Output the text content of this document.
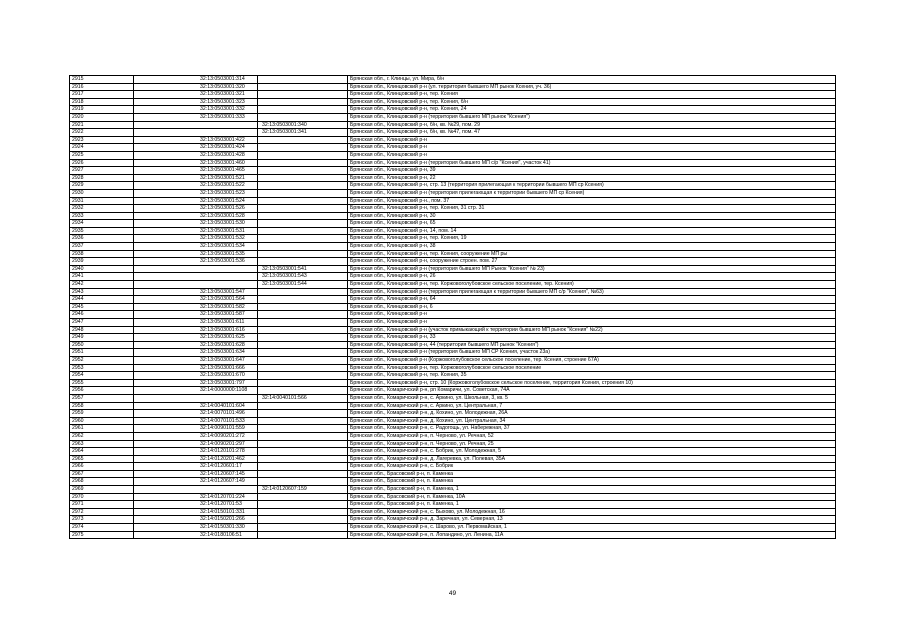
2915	32:13:0503001:314		Брянская обл., г. Клинцы, ул. Мира, б/н
2916	32:13:0503001:320		Брянская обл., Клинцовский р-н (ул. территория бывшего МП рынок Ксения, уч. 36)
2917	32:13:0503001:321		Брянская обл., Клинцовский р-н, тер. Ксения
2918	32:13:0503001:323		Брянская обл., Клинцовский р-н, тер. Ксения, б/н
2919	32:13:0503001:332		Брянская обл., Клинцовский р-н, тер. Ксения, 24
2920	32:13:0503001:333		Брянская обл., Клинцовский р-н (территория бывшего МП рынок "Ксения")
2921		32:13:0503001:340	Брянская обл., Клинцовский р-н, б/н, кв. №29, пом. 29
2922		32:13:0503001:341	Брянская обл., Клинцовский р-н, б/н, кв. №47, пом. 47
2923	32:13:0503001:422		Брянская обл., Клинцовский р-н
2924	32:13:0503001:424		Брянская обл., Клинцовский р-н
2925	32:13:0503001:428		Брянская обл., Клинцовский р-н
2926	32:13:0503001:460		Брянская обл., Клинцовский р-н (территория бывшего МП с/р "Ксения", участок 41)
2927	32:13:0503001:465		Брянская обл., Клинцовский р-н, 39
2928	32:13:0503001:521		Брянская обл., Клинцовский р-н, 22
2929	32:13:0503001:522		Брянская обл., Клинцовский р-н, стр. 13 (территория прилегающая к территории бывшего МП ср Ксения)
2930	32:13:0503001:523		Брянская обл., Клинцовский р-н (территория прилегающая к территории бывшего МП ср Ксения)
2931	32:13:0503001:524		Брянская обл., Клинцовский р-н., пом. 37
2932	32:13:0503001:526		Брянская обл., Клинцовский р-н, тер. Ксения, 31 стр. 31
2933	32:13:0503001:528		Брянская обл., Клинцовский р-н, 30
2934	32:13:0503001:530		Брянская обл., Клинцовский р-н, 65
2935	32:13:0503001:531		Брянская обл., Клинцовский р-н, 14, пом. 14
2936	32:13:0503001:532		Брянская обл., Клинцовский р-н, тер. Ксения, 19
2937	32:13:0503001:534		Брянская обл., Клинцовский р-н, 38
2938	32:13:0503001:535		Брянская обл., Клинцовский р-н, тер. Ксения, сооружение МП ры
2939	32:13:0503001:536		Брянская обл., Клинцовский р-н, сооружение строен. пом. 27
2940		32:13:0503001:541	Брянская обл., Клинцовский р-н (территория бывшего МП Рынок "Ксения" № 23)
2941		32:13:0503001:543	Брянская обл., Клинцовский р-н, 26
2942		32:13:0503001:544	Брянская обл., Клинцовский р-н, тер. Коржовоголубовское сельское поселение, тер. Ксения)
2943	32:13:0503001:547		Брянская обл., Клинцовский р-н (территория прилегающая к территории бывшего МП с/р "Ксения", №63)
2944	32:13:0503001:564		Брянская обл., Клинцовский р-н, 64
2945	32:13:0503001:582		Брянская обл., Клинцовский р-н, 6
2946	32:13:0503001:587		Брянская обл., Клинцовский р-н
2947	32:13:0503001:611		Брянская обл., Клинцовский р-н
2948	32:13:0503001:616		Брянская обл., Клинцовский р-н (участок примыкающий к территории бывшего МП рынок "Ксения" №22)
2949	32:13:0503001:625		Брянская обл., Клинцовский р-н, 33
2950	32:13:0503001:628		Брянская обл., Клинцовский р-н, 44 (территория бывшего МП рынок "Ксения")
2951	32:13:0503001:634		Брянская обл., Клинцовский р-н (территория бывшего МП СР Ксения, участок 23а)
2952	32:13:0503001:647		Брянская обл., Клинцовский р-н (Коржовоголубовское сельское поселение, тер. Ксения, строение 67А)
2953	32:13:0503001:666		Брянская обл., Клинцовский р-н, тер. Коржовоголубовское сельское поселение
2954	32:13:0503001:670		Брянская обл., Клинцовский р-н, тер. Ксения, 35
2955	32:13:0503001:797		Брянская обл., Клинцовский р-н, стр. 10 (Коржовоголубовское сельское поселение, территория Ксения, строения 10)
2956	32:14:0000000:1108		Брянская обл., Комаричский р-н, рп Комаричи, ул. Советская, 74А
2957		32:14:0040101:566	Брянская обл., Комаричский р-н, с. Аркино, ул. Школьная, 3, кв. 5
2958	32:14:0040101:604		Брянская обл., Комаричский р-н, с. Аркино, ул. Центральная, 7
2959	32:14:0070101:496		Брянская обл., Комаричский р-н, д. Кохино, ул. Молодежная, 26А
2960	32:14:0070101:533		Брянская обл., Комаричский р-н, д. Кохино, ул. Центральная, 34
2961	32:14:0090101:559		Брянская обл., Комаричский р-н, с. Радогощь, ул. Набережная, 37
2962	32:14:0090201:272		Брянская обл., Комаричский р-н, п. Черново, ул. Речная, 52
2963	32:14:0090201:297		Брянская обл., Комаричский р-н, п. Черново, ул. Речная, 25
2964	32:14:0120101:278		Брянская обл., Комаричский р-н, с. Бобрик, ул. Молодежная, 5
2965	32:14:0120201:462		Брянская обл., Комаричский р-н, д. Лагеревка, ул. Полевая, 35А
2966	32:14:0120601:17		Брянская обл., Комаричский р-н, с. Бобрик
2967	32:14:0120607:145		Брянская обл., Брасовский р-н, п. Каменка
2968	32:14:0120607:149		Брянская обл., Брасовский р-н, п. Каменка
2969		32:14:0120607:159	Брянская обл., Брасовский р-н, п. Каменка, 1
2970	32:14:0120701:224		Брянская обл., Брасовский р-н, п. Каменка, 10А
2971	32:14:0120701:53		Брянская обл., Брасовский р-н, п. Каменка, 1
2972	32:14:0150101:331		Брянская обл., Комаричский р-н, с. Быхово, ул. Молодежная, 16
2973	32:14:0150201:266		Брянская обл., Комаричский р-н, д. Заречная, ул. Северная, 13
2974	32:14:0150301:330		Брянская обл., Комаричский р-н, с. Шарово, ул. Первомайская, 1
2975	32:14:0180106:51		Брянская обл., Комаричский р-н, п. Лопандино, ул. Ленина, 11А
49
